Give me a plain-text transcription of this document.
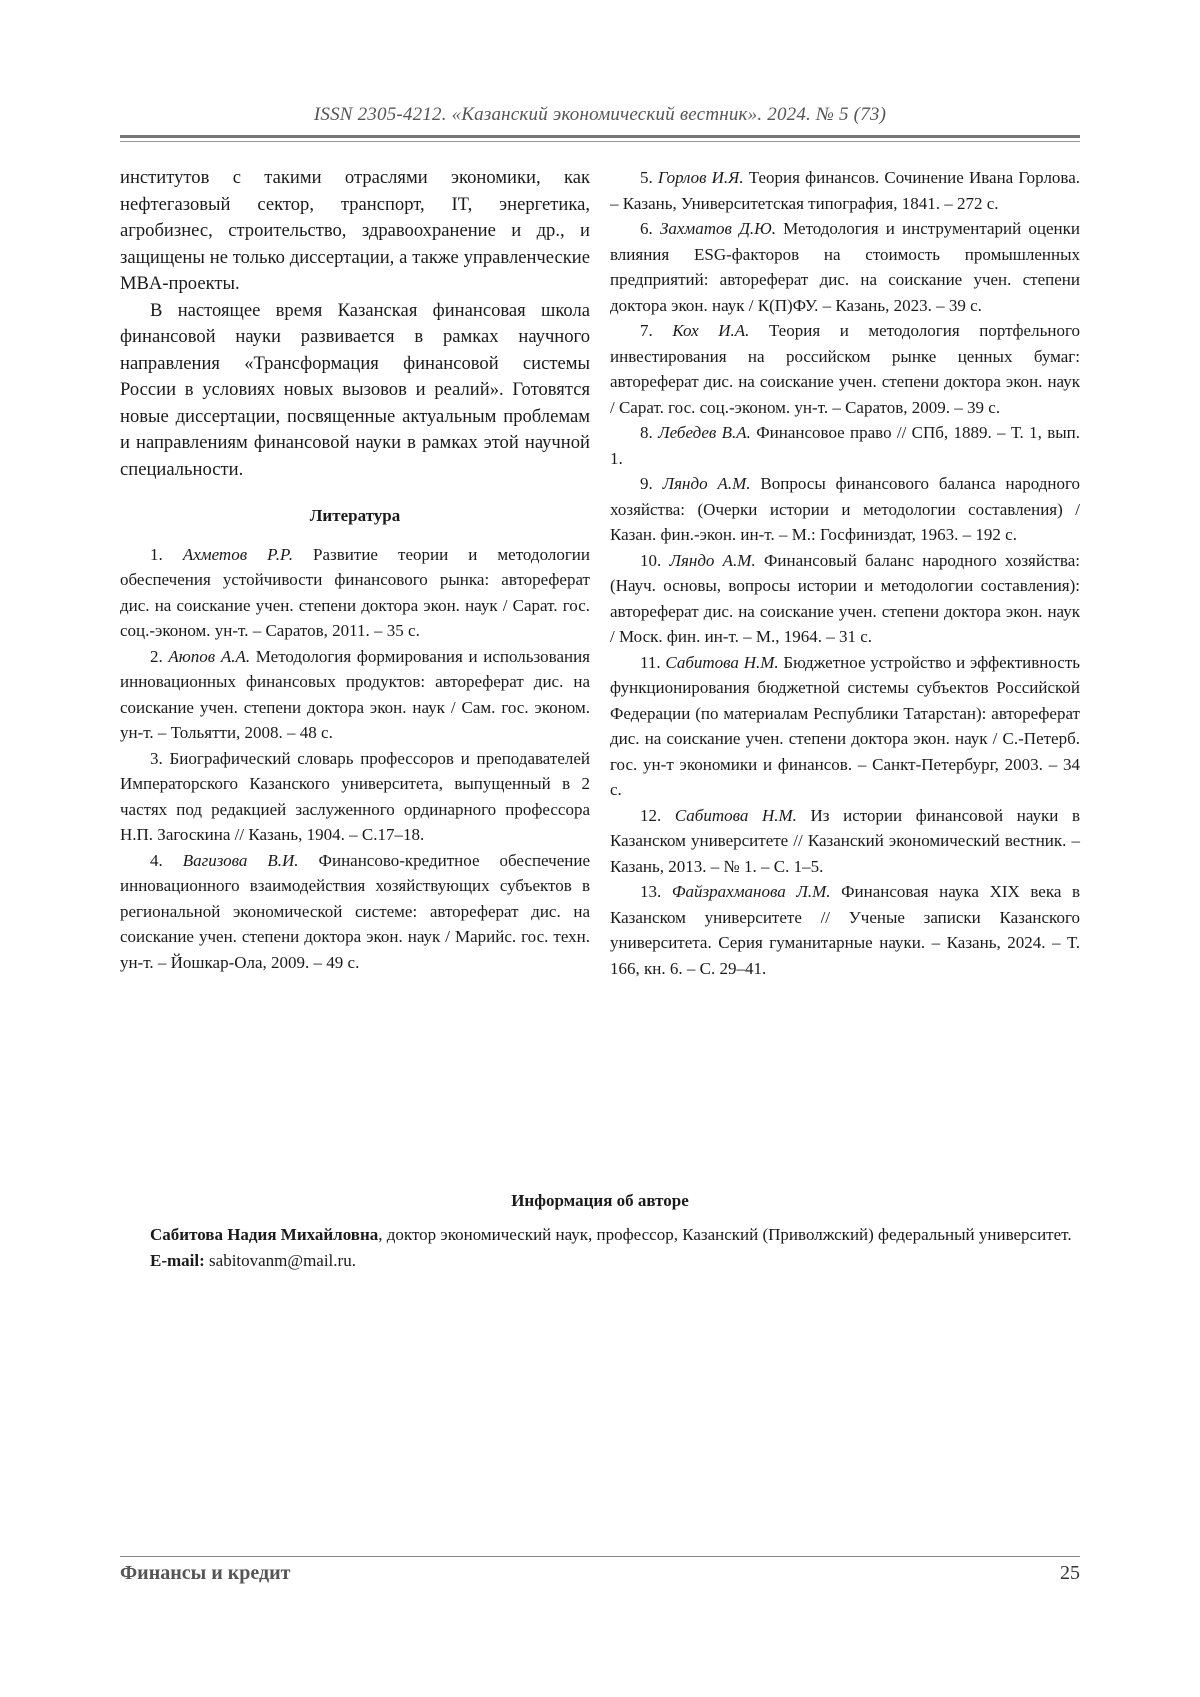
ISSN 2305-4212. «Казанский экономический вестник». 2024. № 5 (73)

институтов с такими отраслями экономики, как нефтегазовый сектор, транспорт, IT, энергетика, агробизнес, строительство, здравоохранение и др., и защищены не только диссертации, а также управленческие MBA-проекты.

В настоящее время Казанская финансовая школа финансовой науки развивается в рамках научного направления «Трансформация финансовой системы России в условиях новых вызовов и реалий». Готовятся новые диссертации, посвященные актуальным проблемам и направлениям финансовой науки в рамках этой научной специальности.

Литература

1. Ахметов Р.Р. Развитие теории и методологии обеспечения устойчивости финансового рынка: автореферат дис. на соискание учен. степени доктора экон. наук / Сарат. гос. соц.-эконом. ун-т. – Саратов, 2011. – 35 с.

2. Аюпов А.А. Методология формирования и использования инновационных финансовых продуктов: автореферат дис. на соискание учен. степени доктора экон. наук / Сам. гос. эконом. ун-т. – Тольятти, 2008. – 48 с.

3. Биографический словарь профессоров и преподавателей Императорского Казанского университета, выпущенный в 2 частях под редакцией заслуженного ординарного профессора Н.П. Загоскина // Казань, 1904. – С.17–18.

4. Вагизова В.И. Финансово-кредитное обеспечение инновационного взаимодействия хозяйствующих субъектов в региональной экономической системе: автореферат дис. на соискание учен. степени доктора экон. наук / Марийс. гос. техн. ун-т. – Йошкар-Ола, 2009. – 49 с.

5. Горлов И.Я. Теория финансов. Сочинение Ивана Горлова. – Казань, Университетская типография, 1841. – 272 с.

6. Захматов Д.Ю. Методология и инструментарий оценки влияния ESG-факторов на стоимость промышленных предприятий: автореферат дис. на соискание учен. степени доктора экон. наук / К(П)ФУ. – Казань, 2023. – 39 с.

7. Кох И.А. Теория и методология портфельного инвестирования на российском рынке ценных бумаг: автореферат дис. на соискание учен. степени доктора экон. наук / Сарат. гос. соц.-эконом. ун-т. – Саратов, 2009. – 39 с.

8. Лебедев В.А. Финансовое право // СПб, 1889. – Т. 1, вып. 1.

9. Ляндо А.М. Вопросы финансового баланса народного хозяйства: (Очерки истории и методологии составления) / Казан. фин.-экон. ин-т. – М.: Госфиниздат, 1963. – 192 с.

10. Ляндо А.М. Финансовый баланс народного хозяйства: (Науч. основы, вопросы истории и методологии составления): автореферат дис. на соискание учен. степени доктора экон. наук / Моск. фин. ин-т. – М., 1964. – 31 с.

11. Сабитова Н.М. Бюджетное устройство и эффективность функционирования бюджетной системы субъектов Российской Федерации (по материалам Республики Татарстан): автореферат дис. на соискание учен. степени доктора экон. наук / С.-Петерб. гос. ун-т экономики и финансов. – Санкт-Петербург, 2003. – 34 с.

12. Сабитова Н.М. Из истории финансовой науки в Казанском университете // Казанский экономический вестник. – Казань, 2013. – № 1. – С. 1–5.

13. Файзрахманова Л.М. Финансовая наука XIX века в Казанском университете // Ученые записки Казанского университета. Серия гуманитарные науки. – Казань, 2024. – Т. 166, кн. 6. – С. 29–41.

Информация об авторе

Сабитова Надия Михайловна, доктор экономический наук, профессор, Казанский (Приволжский) федеральный университет.

E-mail: sabitovanm@mail.ru.

Финансы и кредит	25
